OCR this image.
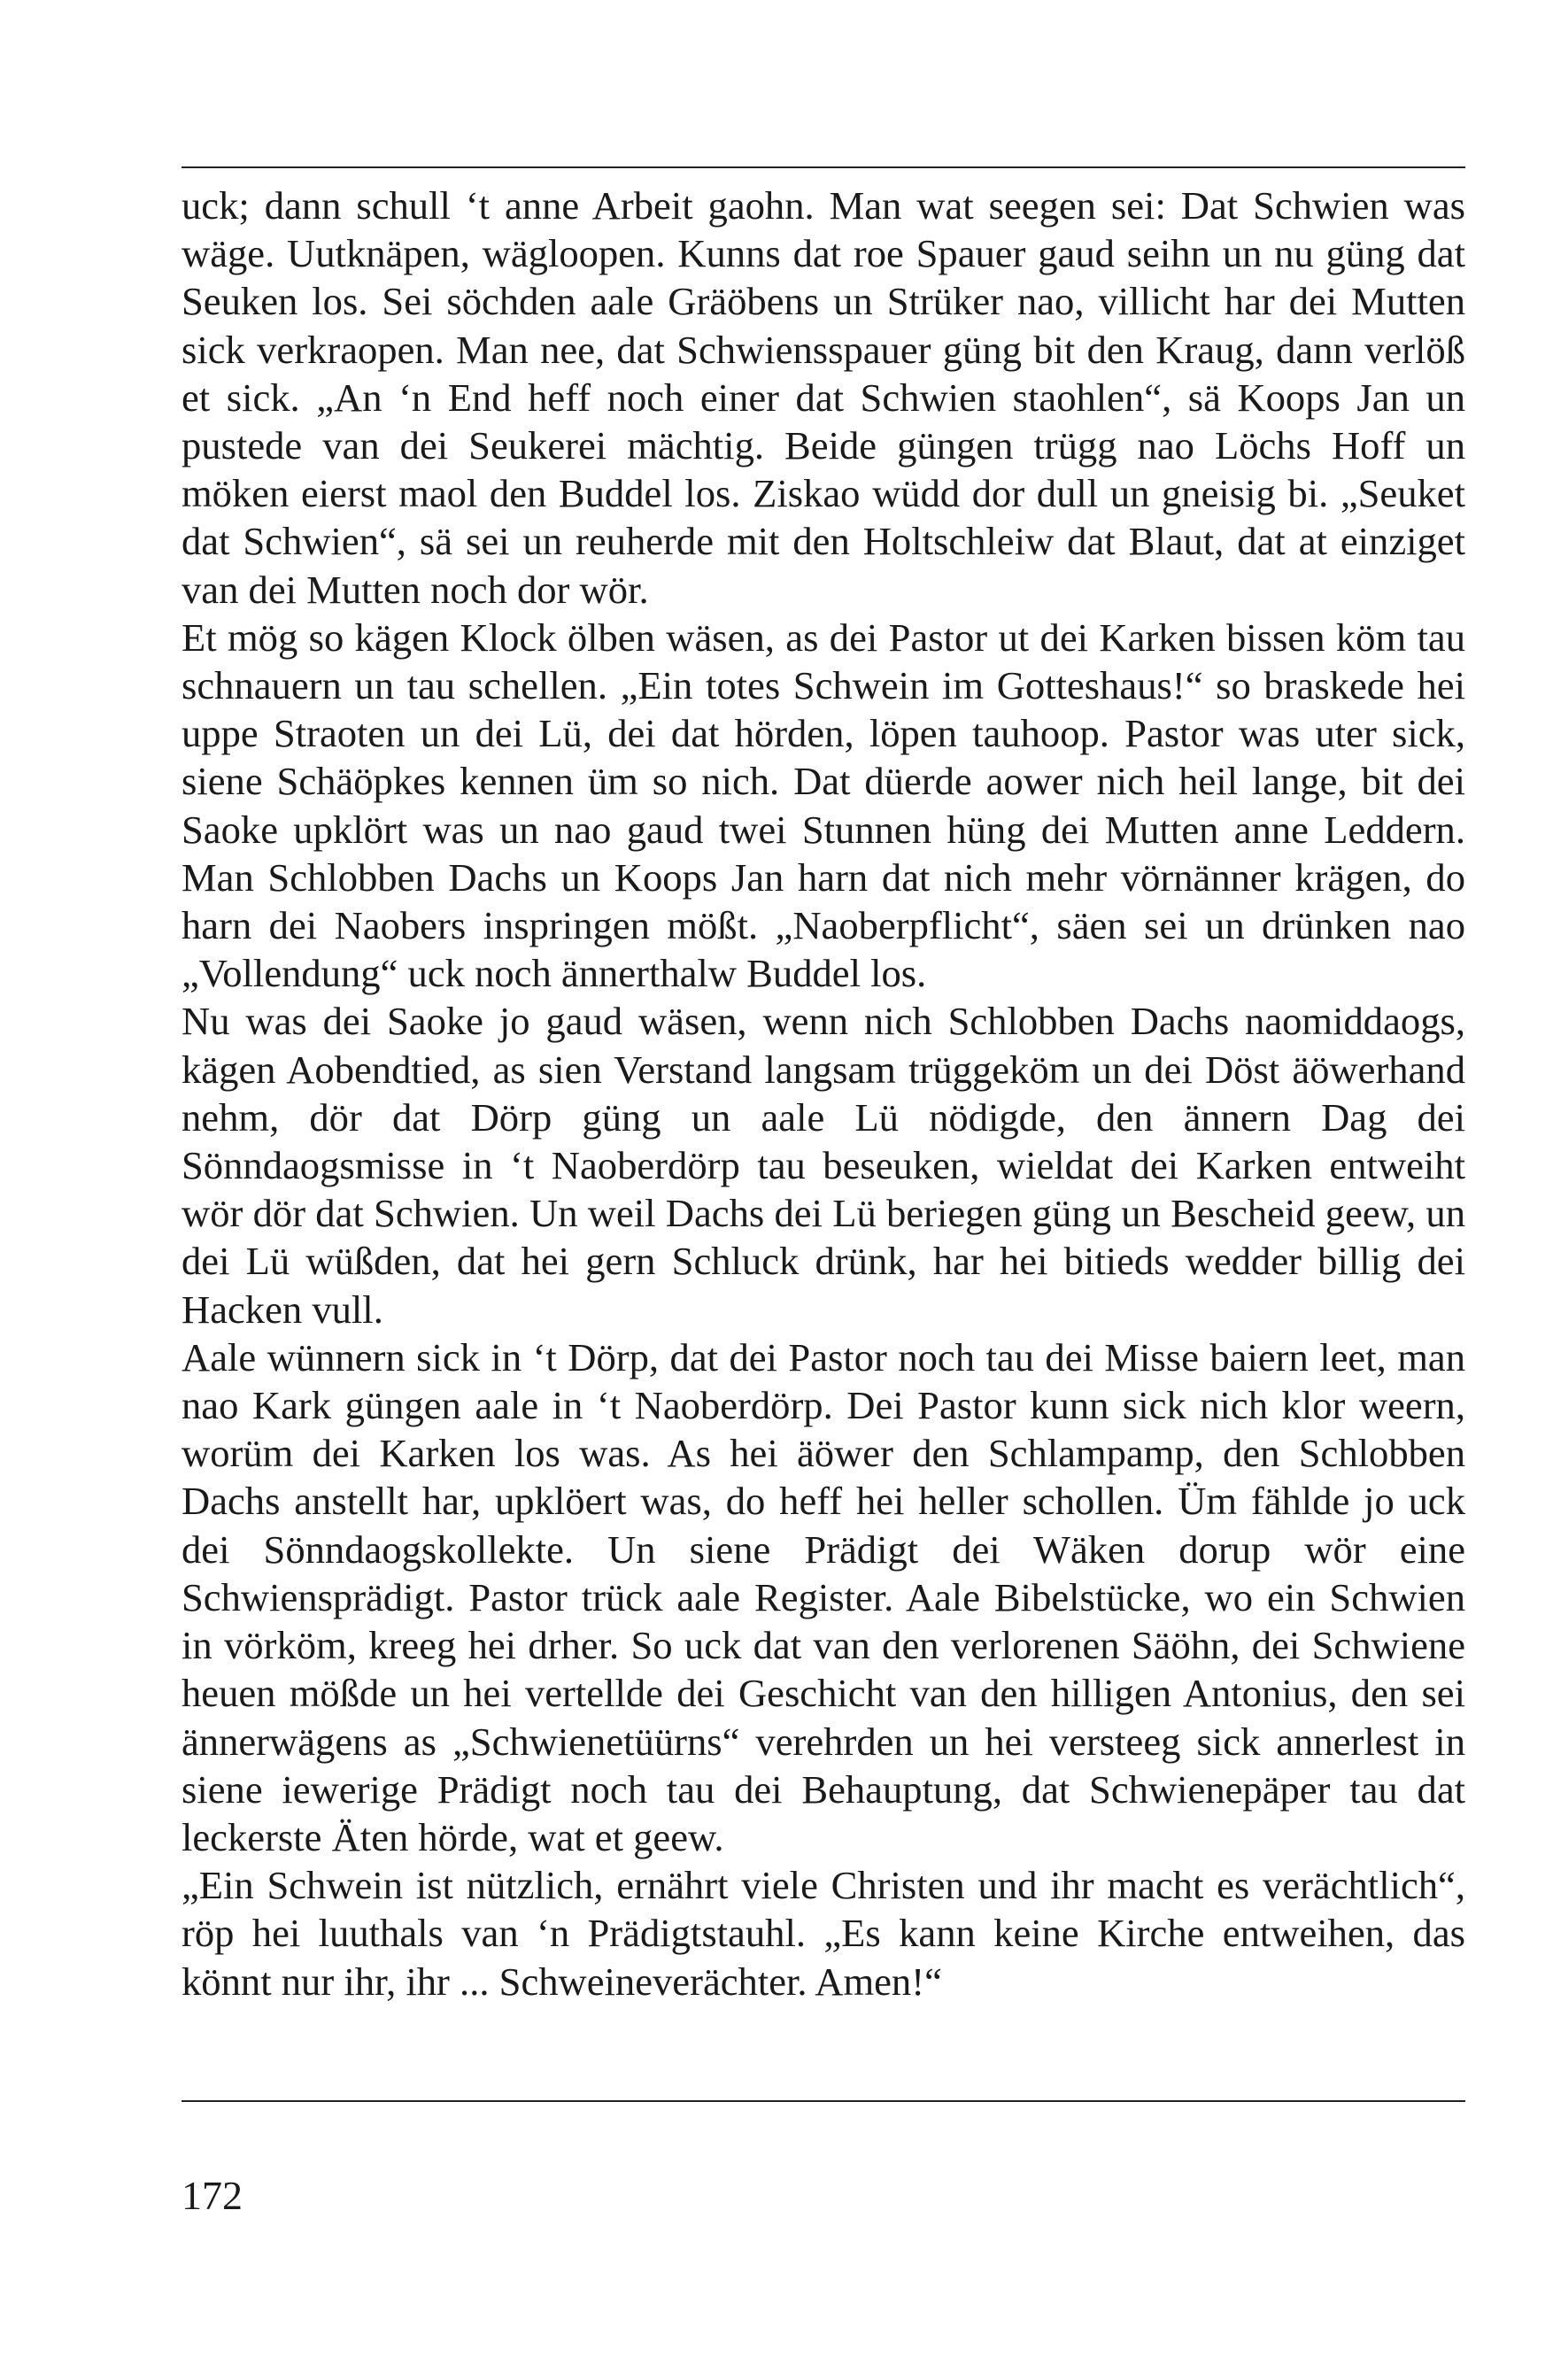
uck; dann schull ‘t anne Arbeit gaohn. Man wat seegen sei: Dat Schwien was wäge. Uutknäpen, wägloopen. Kunns dat roe Spauer gaud seihn un nu güng dat Seuken los. Sei söchden aale Gräöbens un Strüker nao, villicht har dei Mutten sick verkraopen. Man nee, dat Schwiensspauer güng bit den Kraug, dann verlöß et sick. „An ‘n End heff noch einer dat Schwien staohlen“, sä Koops Jan un pustede van dei Seukerei mächtig. Beide güngen trügg nao Löchs Hoff un möken eierst maol den Buddel los. Ziskao wüdd dor dull un gneisig bi. „Seuket dat Schwien“, sä sei un reuherde mit den Holtschleiw dat Blaut, dat at einziget van dei Mutten noch dor wör.

Et mög so kägen Klock ölben wäsen, as dei Pastor ut dei Karken bissen köm tau schnauern un tau schellen. „Ein totes Schwein im Gotteshaus!“ so braskede hei uppe Straoten un dei Lü, dei dat hörden, löpen tauhoop. Pastor was uter sick, siene Schäöpkes kennen üm so nich. Dat düerde aower nich heil lange, bit dei Saoke upklört was un nao gaud twei Stunnen hüng dei Mutten anne Leddern. Man Schlobben Dachs un Koops Jan harn dat nich mehr vörnänner krägen, do harn dei Naobers inspringen mößt. „Naoberpflicht“, säen sei un drünken nao „Vollendung“ uck noch ännerthalw Buddel los.

Nu was dei Saoke jo gaud wäsen, wenn nich Schlobben Dachs naomiddaogs, kägen Aobendtied, as sien Verstand langsam trüggeköm un dei Döst äöwerhand nehm, dör dat Dörp güng un aale Lü nödigde, den ännern Dag dei Sönndaogsmisse in ‘t Naoberdörp tau beseuken, wieldat dei Karken entweiht wör dör dat Schwien. Un weil Dachs dei Lü beriegen güng un Bescheid geew, un dei Lü wüßden, dat hei gern Schluck drünk, har hei bitieds wedder billig dei Hacken vull.

Aale wünnern sick in ‘t Dörp, dat dei Pastor noch tau dei Misse baiern leet, man nao Kark güngen aale in ‘t Naoberdörp. Dei Pastor kunn sick nich klor weern, worüm dei Karken los was. As hei äöwer den Schlampamp, den Schlobben Dachs anstellt har, upklöert was, do heff hei heller schollen. Üm fählde jo uck dei Sönndaogskollekte. Un siene Prädigt dei Wäken dorup wör eine Schwiensprädigt. Pastor trück aale Register. Aale Bibelstücke, wo ein Schwien in vörköm, kreeg hei drher. So uck dat van den verlorenen Säöhn, dei Schwiene heuen mößde un hei vertellde dei Geschicht van den hilligen Antonius, den sei ännerwägens as „Schwienetüürns“ verehrden un hei versteeg sick annerlest in siene iewerige Prädigt noch tau dei Behauptung, dat Schwienepäper tau dat leckerste Äten hörde, wat et geew.

„Ein Schwein ist nützlich, ernährt viele Christen und ihr macht es verächtlich“, röp hei luuthals van ‘n Prädigtstauhl. „Es kann keine Kirche entweihen, das könnt nur ihr, ihr ... Schweineverächter. Amen!“

172
